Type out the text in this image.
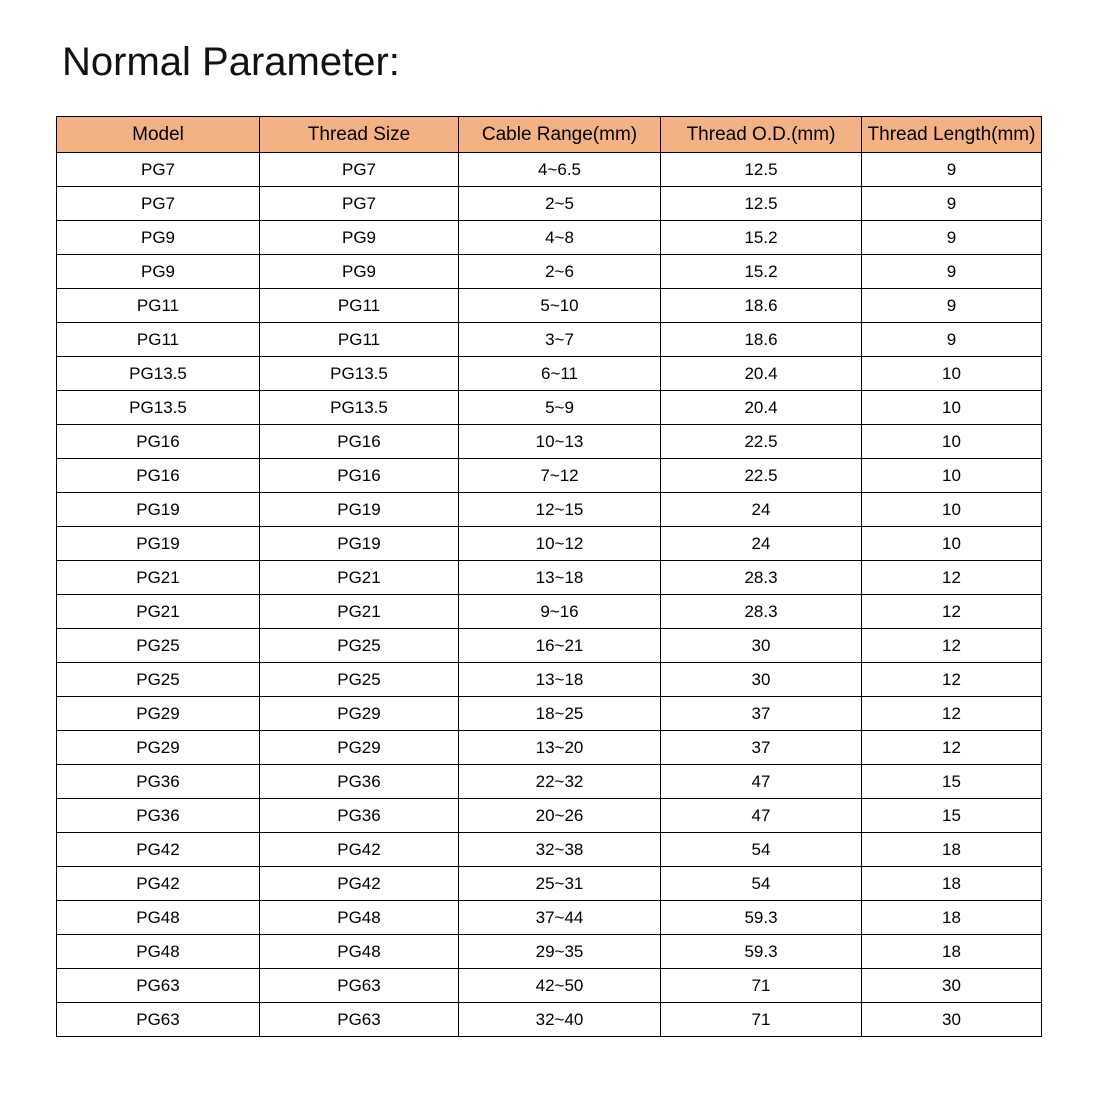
Normal Parameter:
Model	Thread Size	Cable Range(mm)	Thread O.D.(mm)	Thread Length(mm)
PG7	PG7	4~6.5	12.5	9
PG7	PG7	2~5	12.5	9
PG9	PG9	4~8	15.2	9
PG9	PG9	2~6	15.2	9
PG11	PG11	5~10	18.6	9
PG11	PG11	3~7	18.6	9
PG13.5	PG13.5	6~11	20.4	10
PG13.5	PG13.5	5~9	20.4	10
PG16	PG16	10~13	22.5	10
PG16	PG16	7~12	22.5	10
PG19	PG19	12~15	24	10
PG19	PG19	10~12	24	10
PG21	PG21	13~18	28.3	12
PG21	PG21	9~16	28.3	12
PG25	PG25	16~21	30	12
PG25	PG25	13~18	30	12
PG29	PG29	18~25	37	12
PG29	PG29	13~20	37	12
PG36	PG36	22~32	47	15
PG36	PG36	20~26	47	15
PG42	PG42	32~38	54	18
PG42	PG42	25~31	54	18
PG48	PG48	37~44	59.3	18
PG48	PG48	29~35	59.3	18
PG63	PG63	42~50	71	30
PG63	PG63	32~40	71	30
